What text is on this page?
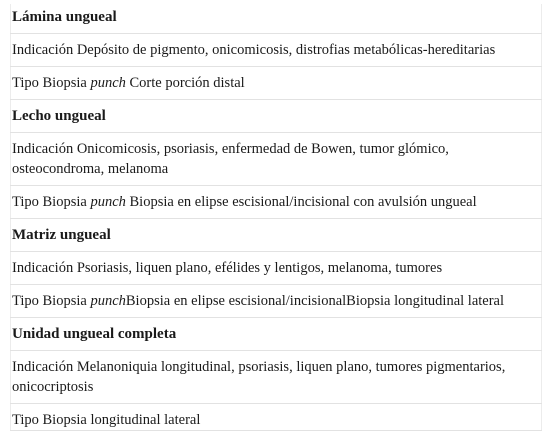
Lámina ungueal
Indicación Depósito de pigmento, onicomicosis, distrofias metabólicas-hereditarias
Tipo Biopsia punch Corte porción distal
Lecho ungueal
Indicación Onicomicosis, psoriasis, enfermedad de Bowen, tumor glómico, osteocondroma, melanoma
Tipo Biopsia punch Biopsia en elipse escisional/incisional con avulsión ungueal
Matriz ungueal
Indicación Psoriasis, liquen plano, efélides y lentigos, melanoma, tumores
Tipo Biopsia punchBiopsia en elipse escisional/incisionalBiopsia longitudinal lateral
Unidad ungueal completa
Indicación Melanoniquia longitudinal, psoriasis, liquen plano, tumores pigmentarios, onicocriptosis
Tipo Biopsia longitudinal lateral
